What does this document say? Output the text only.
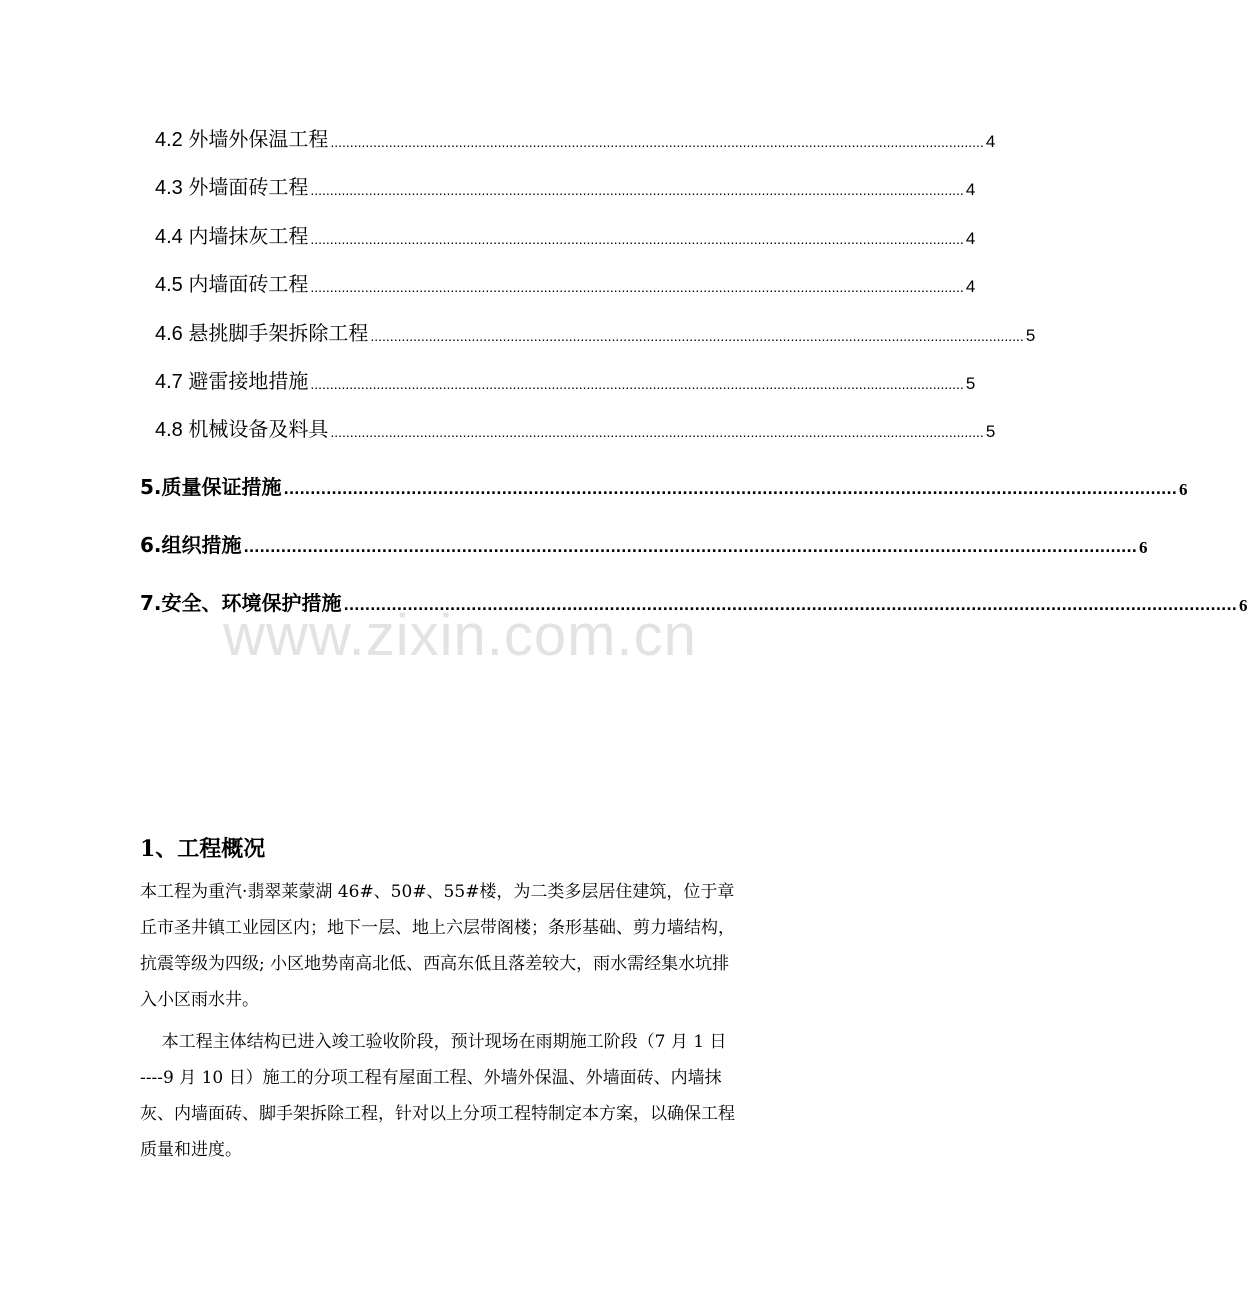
4.2 外墙外保温工程 ........................................................................................................................................................................ 4
4.3 外墙面砖工程 ........................................................................................................................................................................ 4
4.4 内墙抹灰工程 ........................................................................................................................................................................ 4
4.5 内墙面砖工程 ........................................................................................................................................................................ 4
4.6 悬挑脚手架拆除工程 ........................................................................................................................................................................ 5
4.7 避雷接地措施 ........................................................................................................................................................................ 5
4.8 机械设备及料具 ........................................................................................................................................................................ 5
5.质量保证措施 ........................................................................................................................................................................ 6
6.组织措施 ........................................................................................................................................................................ 6
7.安全、环境保护措施 ........................................................................................................................................................................ 6
www.zixin.com.cn
1、工程概况
本工程为重汽·翡翠莱蒙湖 46#、50#、55#楼，为二类多层居住建筑，位于章
丘市圣井镇工业园区内；地下一层、地上六层带阁楼；条形基础、剪力墙结构，
抗震等级为四级; 小区地势南高北低、西高东低且落差较大，雨水需经集水坑排
入小区雨水井。
本工程主体结构已进入竣工验收阶段，预计现场在雨期施工阶段（7 月 1 日
----9 月 10 日）施工的分项工程有屋面工程、外墙外保温、外墙面砖、内墙抹
灰、内墙面砖、脚手架拆除工程，针对以上分项工程特制定本方案，以确保工程
质量和进度。
